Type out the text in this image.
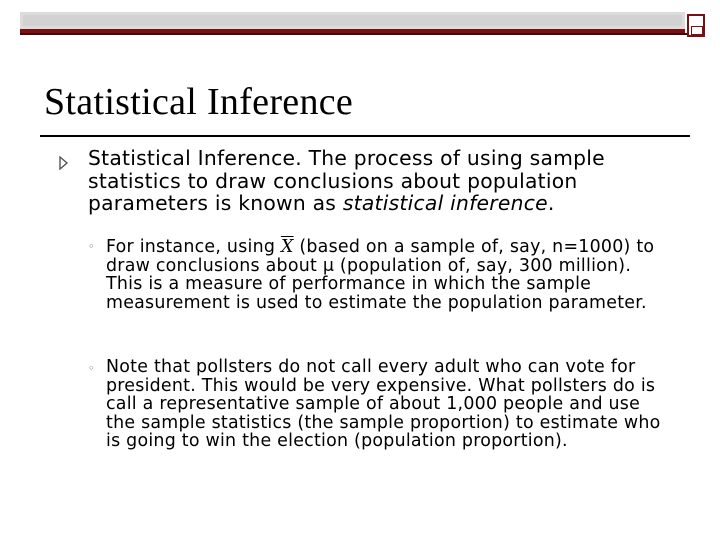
Statistical Inference
Statistical Inference. The process of using sample statistics to draw conclusions about population parameters is known as statistical inference.
◦ For instance, using $\overline{X}$ (based on a sample of, say, n=1000) to draw conclusions about μ (population of, say, 300 million). This is a measure of performance in which the sample measurement is used to estimate the population parameter.
◦ Note that pollsters do not call every adult who can vote for president. This would be very expensive. What pollsters do is call a representative sample of about 1,000 people and use the sample statistics (the sample proportion) to estimate who is going to win the election (population proportion).
